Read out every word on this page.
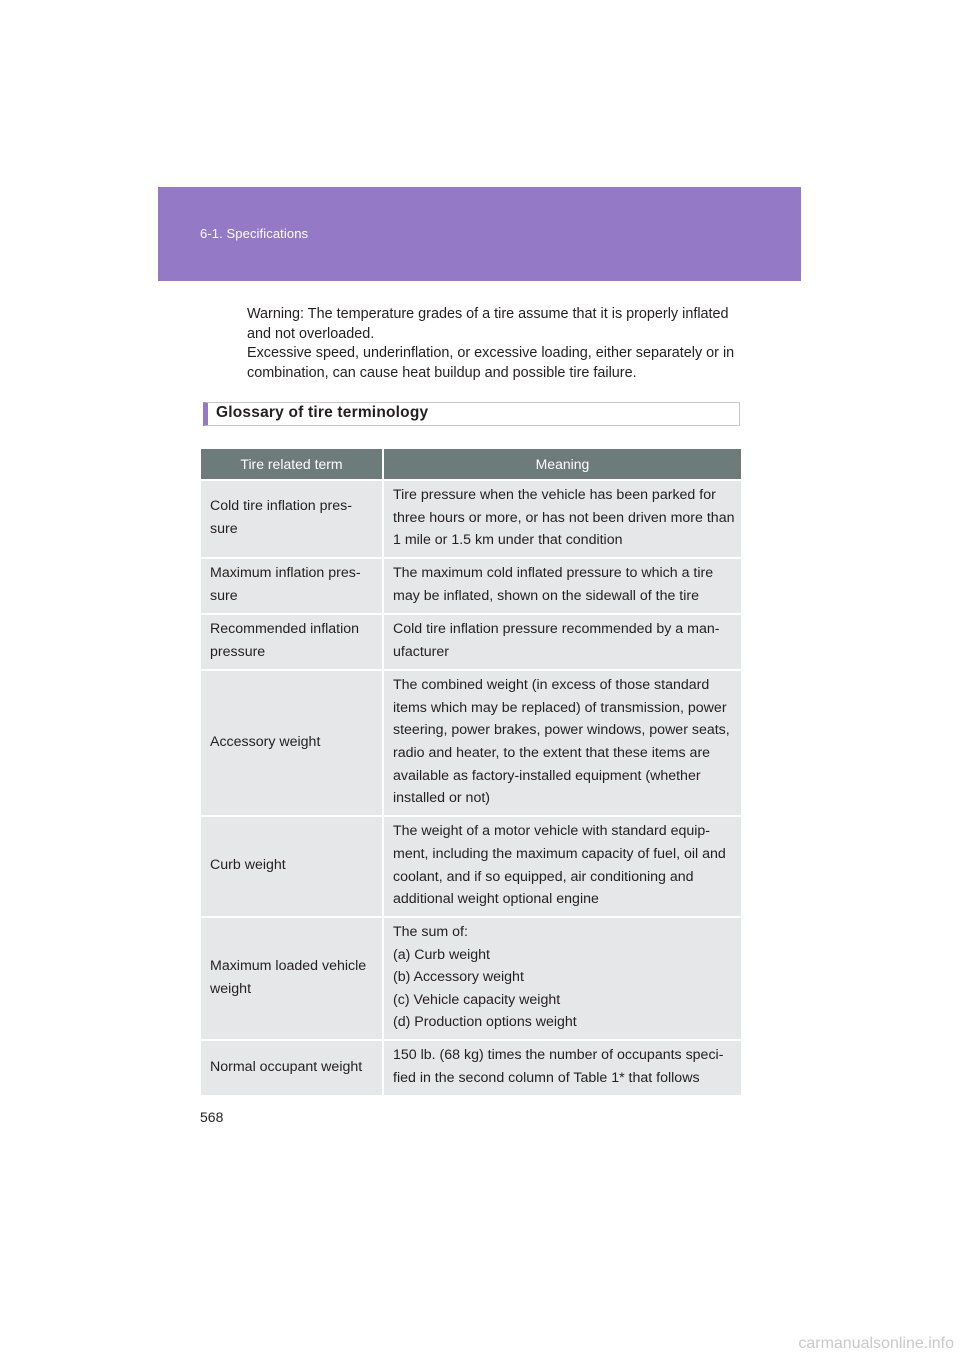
6-1. Specifications

Warning: The temperature grades of a tire assume that it is properly inflated and not overloaded.

Excessive speed, underinflation, or excessive loading, either separately or in combination, can cause heat buildup and possible tire failure.

Glossary of tire terminology
Tire related term	Meaning
Cold tire inflation pres-sure	Tire pressure when the vehicle has been parked for three hours or more, or has not been driven more than 1 mile or 1.5 km under that condition
Maximum inflation pres-sure	The maximum cold inflated pressure to which a tire may be inflated, shown on the sidewall of the tire
Recommended inflation pressure	Cold tire inflation pressure recommended by a man-ufacturer
Accessory weight	The combined weight (in excess of those standard items which may be replaced) of transmission, power steering, power brakes, power windows, power seats, radio and heater, to the extent that these items are available as factory-installed equipment (whether installed or not)
Curb weight	The weight of a motor vehicle with standard equip-ment, including the maximum capacity of fuel, oil and coolant, and if so equipped, air conditioning and additional weight optional engine
Maximum loaded vehicle weight	The sum of:
(a) Curb weight
(b) Accessory weight
(c) Vehicle capacity weight
(d) Production options weight
Normal occupant weight	150 lb. (68 kg) times the number of occupants speci-fied in the second column of Table 1* that follows
568
carmanualsonline.info
